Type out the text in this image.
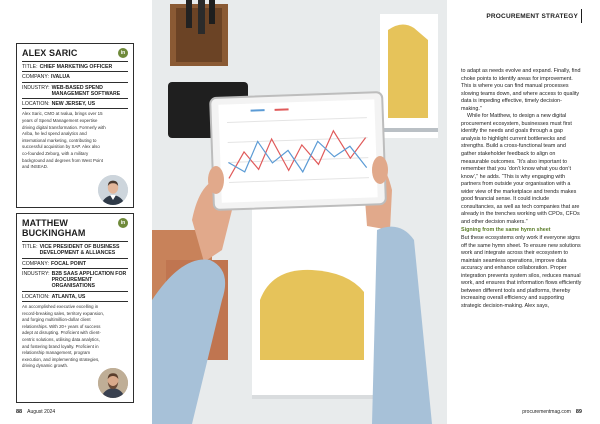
ALEX SARIC	in
TITLE: CHIEF MARKETING OFFICER
COMPANY: IVALUA
INDUSTRY: WEB-BASED SPEND MANAGEMENT SOFTWARE
LOCATION: NEW JERSEY, US
Alex Saric, CMO at Ivalua, brings over 15 years of Spend Management expertise driving digital transformation. Formerly with Ariba, he led spend analytics and international marketing, contributing to successful acquisition by SAP. Alex also co-founded Zeborg, with a military background and degrees from West Point and INSEAD.
MATTHEW BUCKINGHAM
in
TITLE: VICE PRESIDENT OF BUSINESS DEVELOPMENT & ALLIANCES
COMPANY: FOCAL POINT
INDUSTRY: B2B SAAS APPLICATION FOR PROCUREMENT ORGANISATIONS
LOCATION: ATLANTA, US
An accomplished executive excelling in record-breaking sales, territory expansion, and forging multimillion-dollar client relationships. With 20+ years of success adept at disrupting. Proficient with client-centric solutions, utilising data analytics, and fostering brand loyalty. Proficient in relationship management, program execution, and implementing strategies, driving dynamic growth.
88 August 2024
PROCUREMENT STRATEGY

to adapt as needs evolve and expand. Finally, find choke points to identify areas for improvement. This is where you can find manual processes slowing teams down, and where access to quality data is impeding effective, timely decision-making.”

While for Matthew, to design a new digital procurement ecosystem, businesses must first identify the needs and goals through a gap analysis to highlight current bottlenecks and strengths. Build a cross-functional team and gather stakeholder feedback to align on measurable outcomes. “It’s also important to remember that you ‘don’t know what you don’t know’,” he adds. “This is why engaging with partners from outside your organisation with a wider view of the marketplace and trends makes good financial sense. It could include consultancies, as well as tech companies that are already in the trenches working with CPOs, CFOs and other decision makers.”

Signing from the same hymn sheet

But these ecosystems only work if everyone signs off the same hymn sheet. To ensure new solutions work and integrate across their ecosystem to maintain seamless operations, improve data accuracy and enhance collaboration. Proper integration prevents system silos, reduces manual work, and ensures that information flows efficiently between different tools and platforms, thereby increasing overall efficiency and supporting strategic decision-making. Alex says,

procurementmag.com 89
